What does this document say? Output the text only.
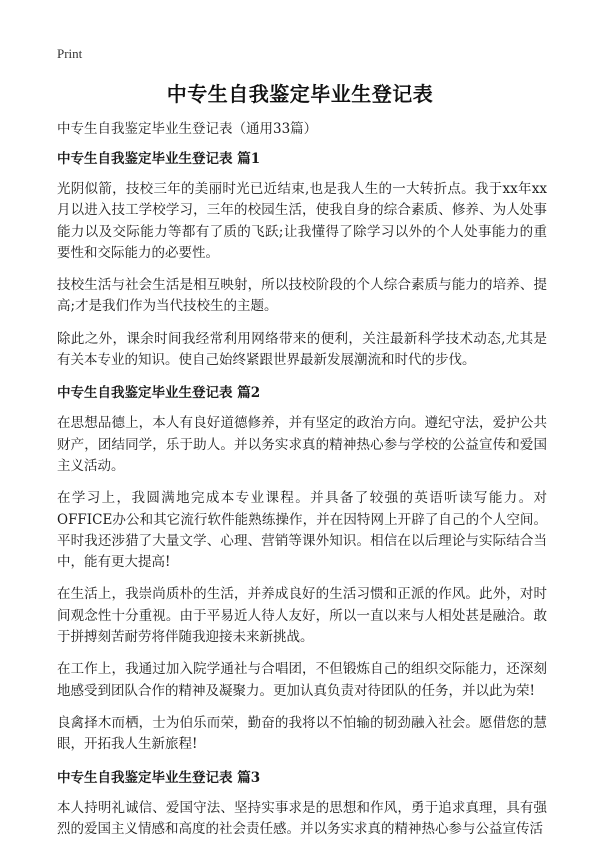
Print
中专生自我鉴定毕业生登记表

中专生自我鉴定毕业生登记表（通用33篇）

中专生自我鉴定毕业生登记表 篇1

光阴似箭，技校三年的美丽时光已近结束,也是我人生的一大转折点。我于xx年xx月以进入技工学校学习，三年的校园生活，使我自身的综合素质、修养、为人处事能力以及交际能力等都有了质的飞跃;让我懂得了除学习以外的个人处事能力的重要性和交际能力的必要性。

技校生活与社会生活是相互映射，所以技校阶段的个人综合素质与能力的培养、提高;才是我们作为当代技校生的主题。

除此之外，课余时间我经常利用网络带来的便利，关注最新科学技术动态,尤其是有关本专业的知识。使自己始终紧跟世界最新发展潮流和时代的步伐。

中专生自我鉴定毕业生登记表 篇2

在思想品德上，本人有良好道德修养，并有坚定的政治方向。遵纪守法，爱护公共财产，团结同学，乐于助人。并以务实求真的精神热心参与学校的公益宣传和爱国主义活动。

在学习上，我圆满地完成本专业课程。并具备了较强的英语听读写能力。对OFFICE办公和其它流行软件能熟练操作，并在因特网上开辟了自己的个人空间。平时我还涉猎了大量文学、心理、营销等课外知识。相信在以后理论与实际结合当中，能有更大提高!

在生活上，我崇尚质朴的生活，并养成良好的生活习惯和正派的作风。此外，对时间观念性十分重视。由于平易近人待人友好，所以一直以来与人相处甚是融洽。敢于拼搏刻苦耐劳将伴随我迎接未来新挑战。

在工作上，我通过加入院学通社与合唱团，不但锻炼自己的组织交际能力，还深刻地感受到团队合作的精神及凝聚力。更加认真负责对待团队的任务，并以此为荣!

良禽择木而栖，士为伯乐而荣，勤奋的我将以不怕输的韧劲融入社会。愿借您的慧眼，开拓我人生新旅程!

中专生自我鉴定毕业生登记表 篇3

本人持明礼诚信、爱国守法、坚持实事求是的思想和作风，勇于追求真理，具有强烈的爱国主义情感和高度的社会责任感。并以务实求真的精神热心参与公益宣传活
